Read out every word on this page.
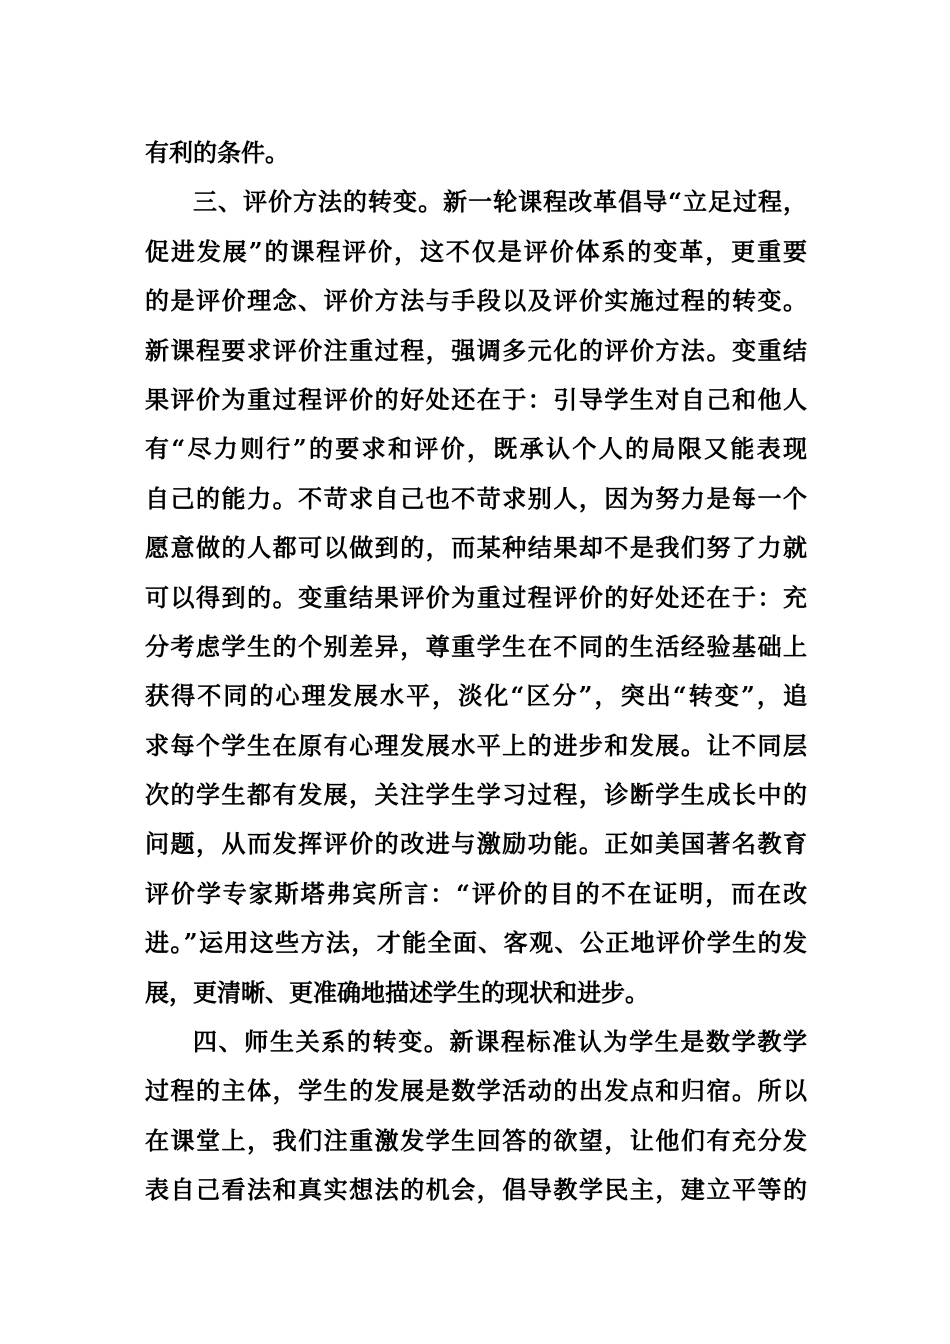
有利的条件。
三、评价方法的转变。新一轮课程改革倡导“立足过程，
促进发展”的课程评价，这不仅是评价体系的变革，更重要
的是评价理念、评价方法与手段以及评价实施过程的转变。
新课程要求评价注重过程，强调多元化的评价方法。变重结
果评价为重过程评价的好处还在于：引导学生对自己和他人
有“尽力则行”的要求和评价，既承认个人的局限又能表现
自己的能力。不苛求自己也不苛求别人，因为努力是每一个
愿意做的人都可以做到的，而某种结果却不是我们努了力就
可以得到的。变重结果评价为重过程评价的好处还在于：充
分考虑学生的个别差异，尊重学生在不同的生活经验基础上
获得不同的心理发展水平，淡化“区分”，突出“转变”，追
求每个学生在原有心理发展水平上的进步和发展。让不同层
次的学生都有发展，关注学生学习过程，诊断学生成长中的
问题，从而发挥评价的改进与激励功能。正如美国著名教育
评价学专家斯塔弗宾所言：“评价的目的不在证明，而在改
进。”运用这些方法，才能全面、客观、公正地评价学生的发
展，更清晰、更准确地描述学生的现状和进步。
四、师生关系的转变。新课程标准认为学生是数学教学
过程的主体，学生的发展是数学活动的出发点和归宿。所以
在课堂上，我们注重激发学生回答的欲望，让他们有充分发
表自己看法和真实想法的机会，倡导教学民主，建立平等的
